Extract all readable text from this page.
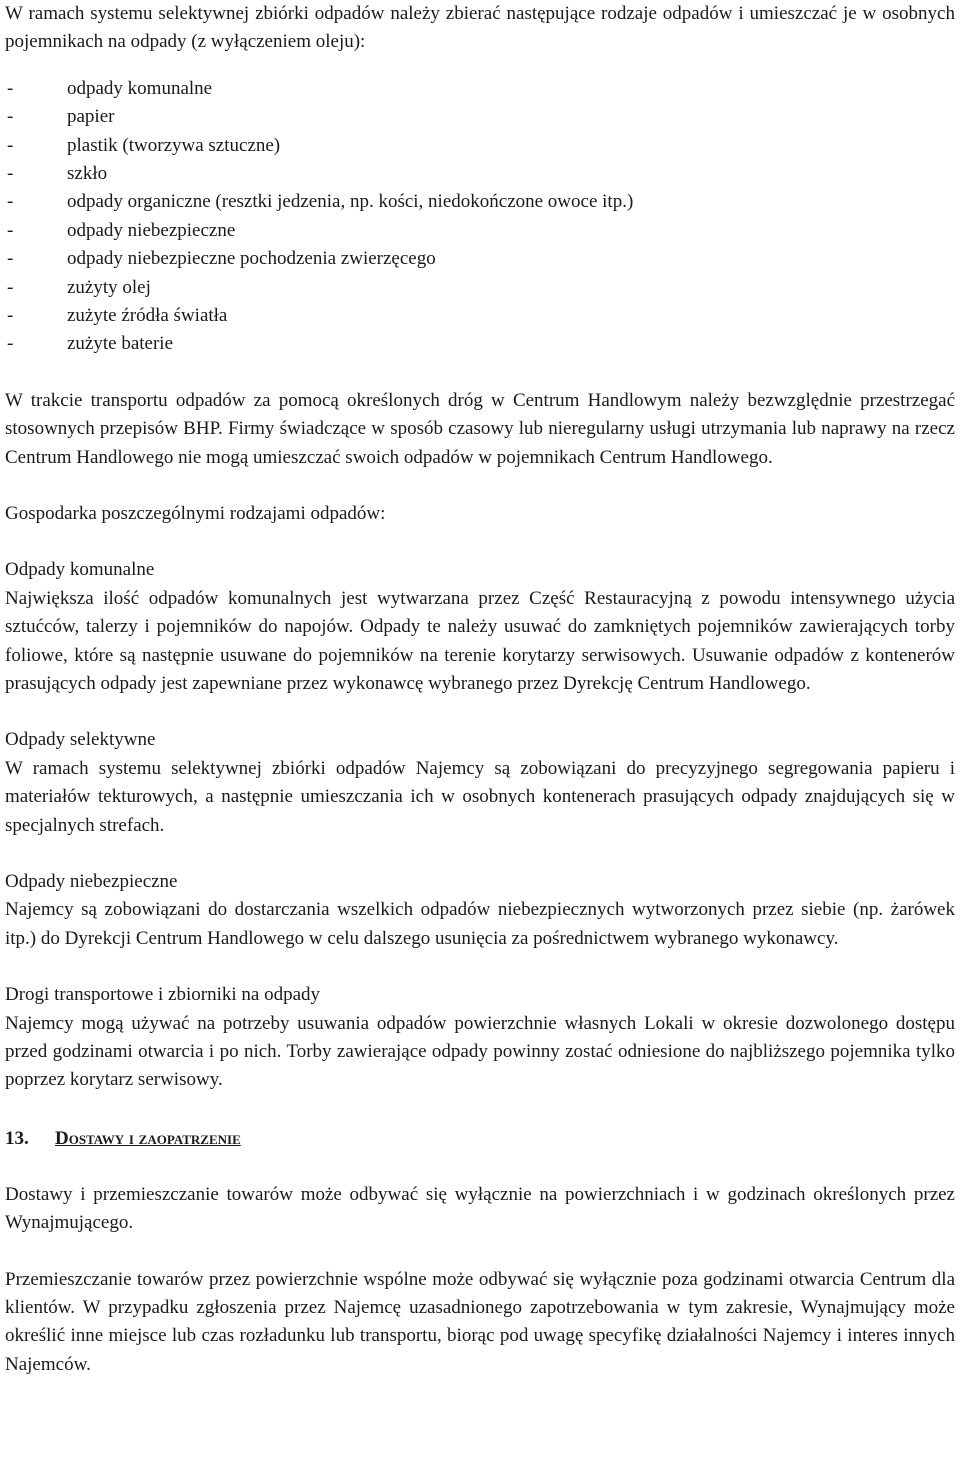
W ramach systemu selektywnej zbiórki odpadów należy zbierać następujące rodzaje odpadów i umieszczać je w osobnych pojemnikach na odpady (z wyłączeniem oleju):

-	odpady komunalne
-	papier
-	plastik (tworzywa sztuczne)
-	szkło
-	odpady organiczne (resztki jedzenia, np. kości, niedokończone owoce itp.)
-	odpady niebezpieczne
-	odpady niebezpieczne pochodzenia zwierzęcego
-	zużyty olej
-	zużyte źródła światła
-	zużyte baterie

W trakcie transportu odpadów za pomocą określonych dróg w Centrum Handlowym należy bezwzględnie przestrzegać stosownych przepisów BHP. Firmy świadczące w sposób czasowy lub nieregularny usługi utrzymania lub naprawy na rzecz Centrum Handlowego nie mogą umieszczać swoich odpadów w pojemnikach Centrum Handlowego.

Gospodarka poszczególnymi rodzajami odpadów:

Odpady komunalne

Największa ilość odpadów komunalnych jest wytwarzana przez Część Restauracyjną z powodu intensywnego użycia sztućców, talerzy i pojemników do napojów. Odpady te należy usuwać do zamkniętych pojemników zawierających torby foliowe, które są następnie usuwane do pojemników na terenie korytarzy serwisowych. Usuwanie odpadów z kontenerów prasujących odpady jest zapewniane przez wykonawcę wybranego przez Dyrekcję Centrum Handlowego.

Odpady selektywne

W ramach systemu selektywnej zbiórki odpadów Najemcy są zobowiązani do precyzyjnego segregowania papieru i materiałów tekturowych, a następnie umieszczania ich w osobnych kontenerach prasujących odpady znajdujących się w specjalnych strefach.

Odpady niebezpieczne

Najemcy są zobowiązani do dostarczania wszelkich odpadów niebezpiecznych wytworzonych przez siebie (np. żarówek itp.) do Dyrekcji Centrum Handlowego w celu dalszego usunięcia za pośrednictwem wybranego wykonawcy.

Drogi transportowe i zbiorniki na odpady

Najemcy mogą używać na potrzeby usuwania odpadów powierzchnie własnych Lokali w okresie dozwolonego dostępu przed godzinami otwarcia i po nich. Torby zawierające odpady powinny zostać odniesione do najbliższego pojemnika tylko poprzez korytarz serwisowy.

13. Dostawy i zaopatrzenie

Dostawy i przemieszczanie towarów może odbywać się wyłącznie na powierzchniach i w godzinach określonych przez Wynajmującego.

Przemieszczanie towarów przez powierzchnie wspólne może odbywać się wyłącznie poza godzinami otwarcia Centrum dla klientów. W przypadku zgłoszenia przez Najemcę uzasadnionego zapotrzebowania w tym zakresie, Wynajmujący może określić inne miejsce lub czas rozładunku lub transportu, biorąc pod uwagę specyfikę działalności Najemcy i interes innych Najemców.
